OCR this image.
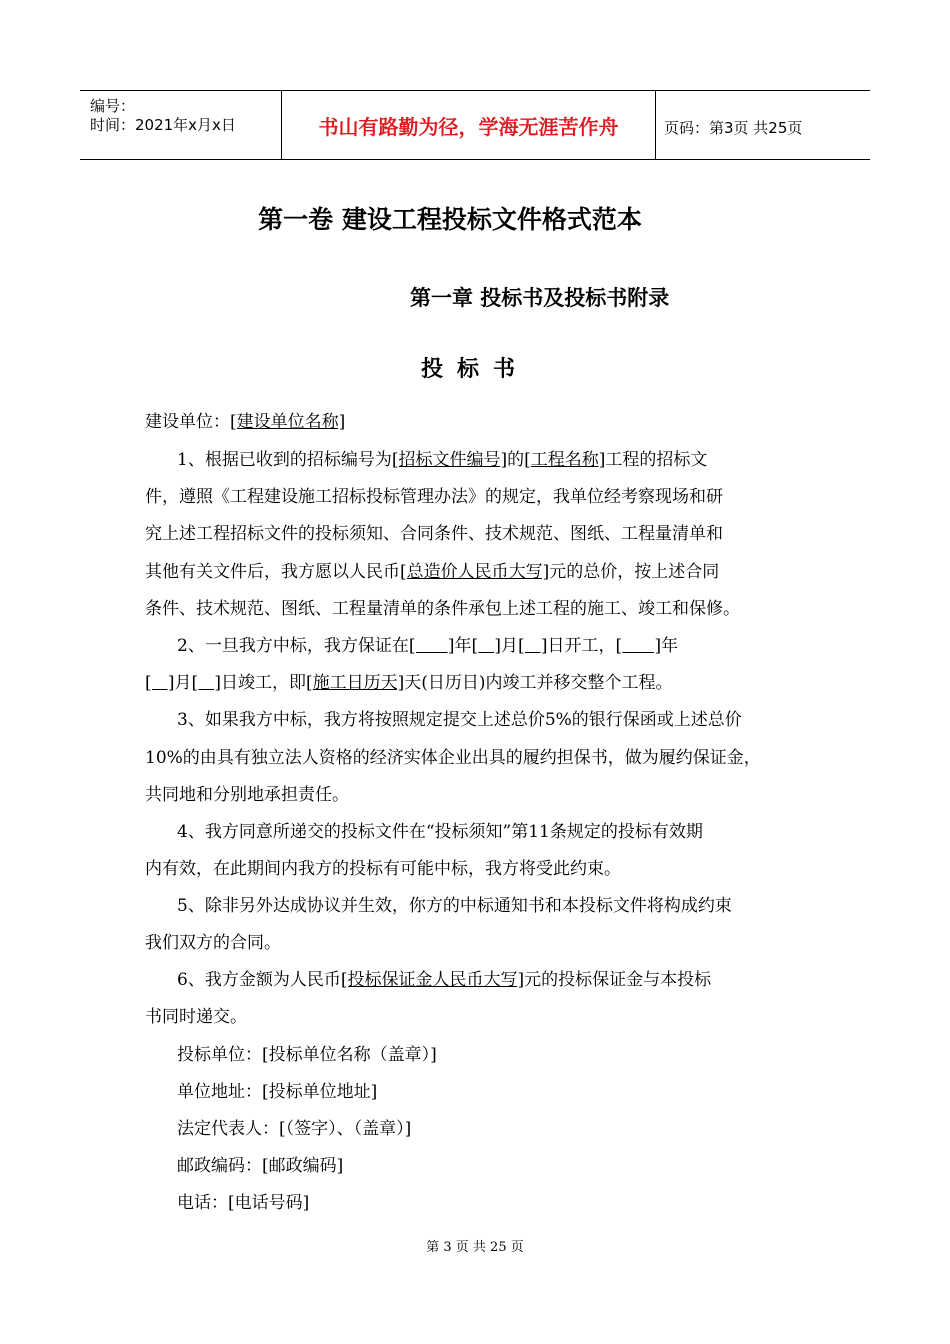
编号：
时间：2021年x月x日	书山有路勤为径，学海无涯苦作舟	页码：第3页 共25页
第一卷 建设工程投标文件格式范本
第一章 投标书及投标书附录
投标书
建设单位：[建设单位名称]
1、根据已收到的招标编号为[招标文件编号]的[工程名称]工程的招标文
件，遵照《工程建设施工招标投标管理办法》的规定，我单位经考察现场和研
究上述工程招标文件的投标须知、合同条件、技术规范、图纸、工程量清单和
其他有关文件后，我方愿以人民币[总造价人民币大写]元的总价，按上述合同
条件、技术规范、图纸、工程量清单的条件承包上述工程的施工、竣工和保修。
2、一旦我方中标，我方保证在[      ]年[   ]月[   ]日开工，[      ]年
[   ]月[   ]日竣工，即[施工日历天]天(日历日)内竣工并移交整个工程。
3、如果我方中标，我方将按照规定提交上述总价5%的银行保函或上述总价
10%的由具有独立法人资格的经济实体企业出具的履约担保书，做为履约保证金，
共同地和分别地承担责任。
4、我方同意所递交的投标文件在“投标须知”第11条规定的投标有效期
内有效，在此期间内我方的投标有可能中标，我方将受此约束。
5、除非另外达成协议并生效，你方的中标通知书和本投标文件将构成约束
我们双方的合同。
6、我方金额为人民币[投标保证金人民币大写]元的投标保证金与本投标
书同时递交。
投标单位：[投标单位名称（盖章）]
单位地址：[投标单位地址]
法定代表人：[（签字）、（盖章）]
邮政编码：[邮政编码]
电话：[电话号码]
第 3 页 共 25 页
